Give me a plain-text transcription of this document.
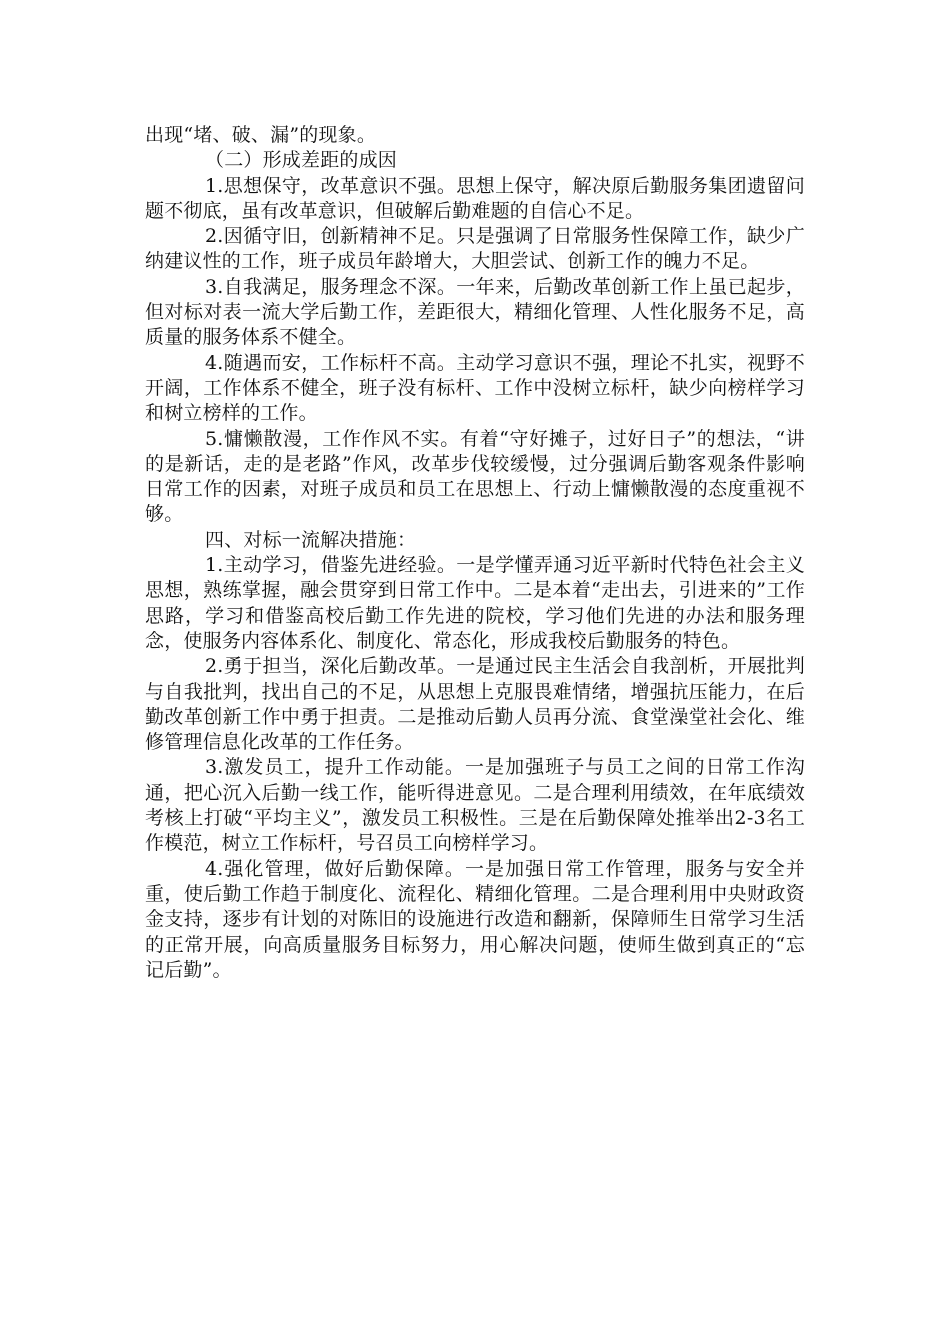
出现“堵、破、漏”的现象。

（二）形成差距的成因

1.思想保守，改革意识不强。思想上保守，解决原后勤服务集团遗留问题不彻底，虽有改革意识，但破解后勤难题的自信心不足。

2.因循守旧，创新精神不足。只是强调了日常服务性保障工作，缺少广纳建议性的工作，班子成员年龄增大，大胆尝试、创新工作的魄力不足。

3.自我满足，服务理念不深。一年来，后勤改革创新工作上虽已起步，但对标对表一流大学后勤工作，差距很大，精细化管理、人性化服务不足，高质量的服务体系不健全。

4.随遇而安，工作标杆不高。主动学习意识不强，理论不扎实，视野不开阔，工作体系不健全，班子没有标杆、工作中没树立标杆，缺少向榜样学习和树立榜样的工作。

5.慵懒散漫，工作作风不实。有着“守好摊子，过好日子”的想法，“讲的是新话，走的是老路”作风，改革步伐较缓慢，过分强调后勤客观条件影响日常工作的因素，对班子成员和员工在思想上、行动上慵懒散漫的态度重视不够。

四、对标一流解决措施：

1.主动学习，借鉴先进经验。一是学懂弄通习近平新时代特色社会主义思想，熟练掌握，融会贯穿到日常工作中。二是本着“走出去，引进来的”工作思路，学习和借鉴高校后勤工作先进的院校，学习他们先进的办法和服务理念，使服务内容体系化、制度化、常态化，形成我校后勤服务的特色。

2.勇于担当，深化后勤改革。一是通过民主生活会自我剖析，开展批判与自我批判，找出自己的不足，从思想上克服畏难情绪，增强抗压能力，在后勤改革创新工作中勇于担责。二是推动后勤人员再分流、食堂澡堂社会化、维修管理信息化改革的工作任务。

3.激发员工，提升工作动能。一是加强班子与员工之间的日常工作沟通，把心沉入后勤一线工作，能听得进意见。二是合理利用绩效，在年底绩效考核上打破“平均主义”，激发员工积极性。三是在后勤保障处推举出2-3名工作模范，树立工作标杆，号召员工向榜样学习。

4.强化管理，做好后勤保障。一是加强日常工作管理，服务与安全并重，使后勤工作趋于制度化、流程化、精细化管理。二是合理利用中央财政资金支持，逐步有计划的对陈旧的设施进行改造和翻新，保障师生日常学习生活的正常开展，向高质量服务目标努力，用心解决问题，使师生做到真正的“忘记后勤”。
